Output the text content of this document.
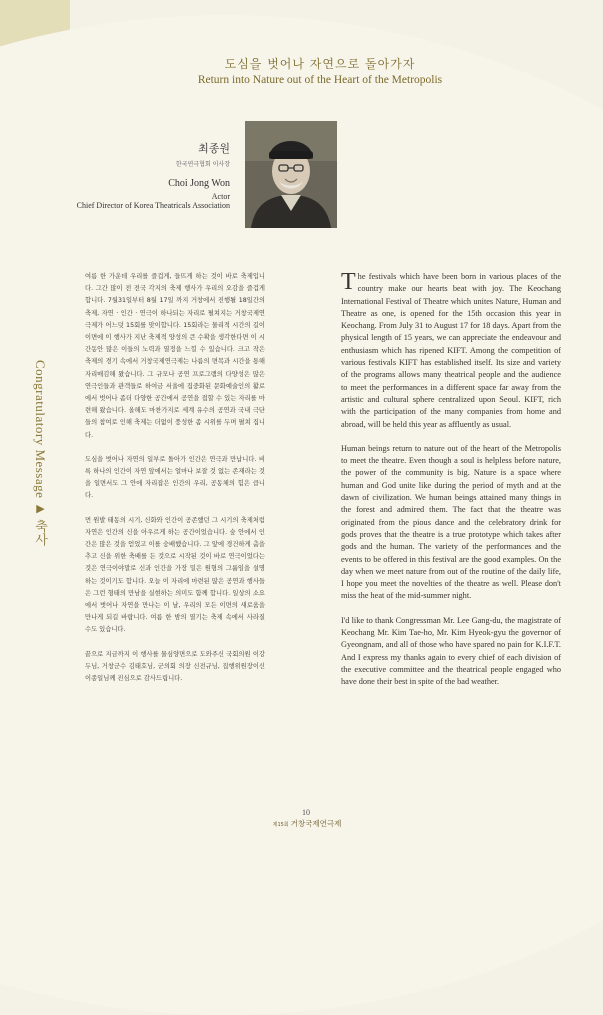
Congratulatory Message ▶ 축사
도심을 벗어나 자연으로 돌아가자
Return into Nature out of the Heart of the Metropolis
최종원
한국연극협회 이사장
Choi Jong Won
Actor
Chief Director of Korea Theatricals Association

여름 한 가운데 우리를 즐겁게, 들뜨게 하는 것이 바로 축제입니다. 그간 많이 전 전국 각지의 축제 행사가 우리의 오감을 즐겁게 합니다. 7월31일부터 8월 17일 까지 거창에서 진행될 18일간의 축제, 자연 · 인간 · 연극이 하나되는 자리로 펼쳐지는 거창국제연극제가 어느덧 15회를 맞이합니다. 15회라는 물리적 시간의 길이 이면에 이 행사가 지난 축제적 양성의 큰 수확을 생각한다면 이 시간동안 많은 이들의 노력과 열정을 느낄 수 있습니다. 크고 작은 축제의 경기 속에서 거창국제연극제는 나름의 면목과 시간을 통해 자리매김해 왔습니다. 그 규모나 공연 프로그램의 다양성은 많은 연극인들과 관객들로 하여금 서울에 집중화된 문화예술인의 활로에서 벗어나 좀더 다양한 공간에서 공연을 접할 수 있는 자리를 마련해 왔습니다. 올해도 마찬가지로 세계 유수의 공연과 국내 극단들의 참여로 인해 축제는 더없이 풍성한 좀 시위를 두며 펼쳐 집니다.

도심을 벗어나 자연의 일부로 돌아가 인간은 연극과 만납니다. 비록 하나의 인간이 자연 앞에서는 얼마나 보잘 것 없는 존재라는 것을 일면서도 그 안에 자리잡은 인간의 우리, 공동체의 힘은 큽니다.

먼 원발 태동의 시기, 신화와 인간이 공존했던 그 시기의 축제처럼 자연은 인간의 신을 아우르게 하는 공간이었습니다. 숲 안에서 인간은 많은 것을 얻었고 이를 숭배했습니다. 그 앞에 경건하게 춤을 추고 신을 위한 축배를 든 것으로 시작된 것이 바로 연극이었다는 것은 연극이야말로 신과 인간을 가장 밀은 원형의 그룹임을 설명하는 것이기도 합니다. 오늘 이 자리에 마련된 많은 공연과 행사들은 그런 형태의 만남을 실현하는 의미도 함께 합니다. 일상의 소요에서 벗어나 자연을 만나는 이 날, 우리의 모든 이면의 새로움을 만나게 되길 바랍니다. 여름 한 밤의 열기는 축제 속에서 사라질 수도 있습니다.

끝으로 지금까지 이 행사를 물심양면으로 도와주신 국회의원 이강두님, 거창군수 김태호님, 군의회 의장 신전규님, 집행위원장이신 이종일님께 진심으로 감사드립니다.

The festivals which have been born in various places of the country make our hearts beat with joy. The Keochang International Festival of Theatre which unites Nature, Human and Theatre as one, is opened for the 15th occasion this year in Keochang. From July 31 to August 17 for 18 days. Apart from the physical length of 15 years, we can appreciate the endeavour and enthusiasm which has ripened KIFT. Among the competition of various festivals KIFT has established itself. Its size and variety of the programs allows many theatrical people and the audience to meet the performances in a different space far away from the artistic and cultural sphere centralized upon Seoul. KIFT, rich with the participation of the many companies from home and abroad, will be held this year as affluently as usual.

Human beings return to nature out of the heart of the Metropolis to meet the theatre. Even though a soul is helpless before nature, the power of the community is big. Nature is a space where human and God unite like during the period of myth and at the dawn of civilization. We human beings attained many things in the forest and admired them. The fact that the theatre was originated from the pious dance and the celebratory drink for gods proves that the theatre is a true prototype which takes after gods and the human. The variety of the performances and the events to be offered in this festival are the good examples. On the day when we meet nature from out of the routine of the daily life, I hope you meet the novelties of the theatre as well. Please don't miss the heat of the mid-summer night.

I'd like to thank Congressman Mr. Lee Gang-du, the magistrate of Keochang Mr. Kim Tae-ho, Mr. Kim Hyeok-gyu the governor of Gyeongnam, and all of those who have spared no pain for K.I.F.T. And I express my thanks again to every chief of each division of the executive committee and the theatrical people engaged who have done their best in spite of the bad weather.

10
제15회 거창국제연극제
